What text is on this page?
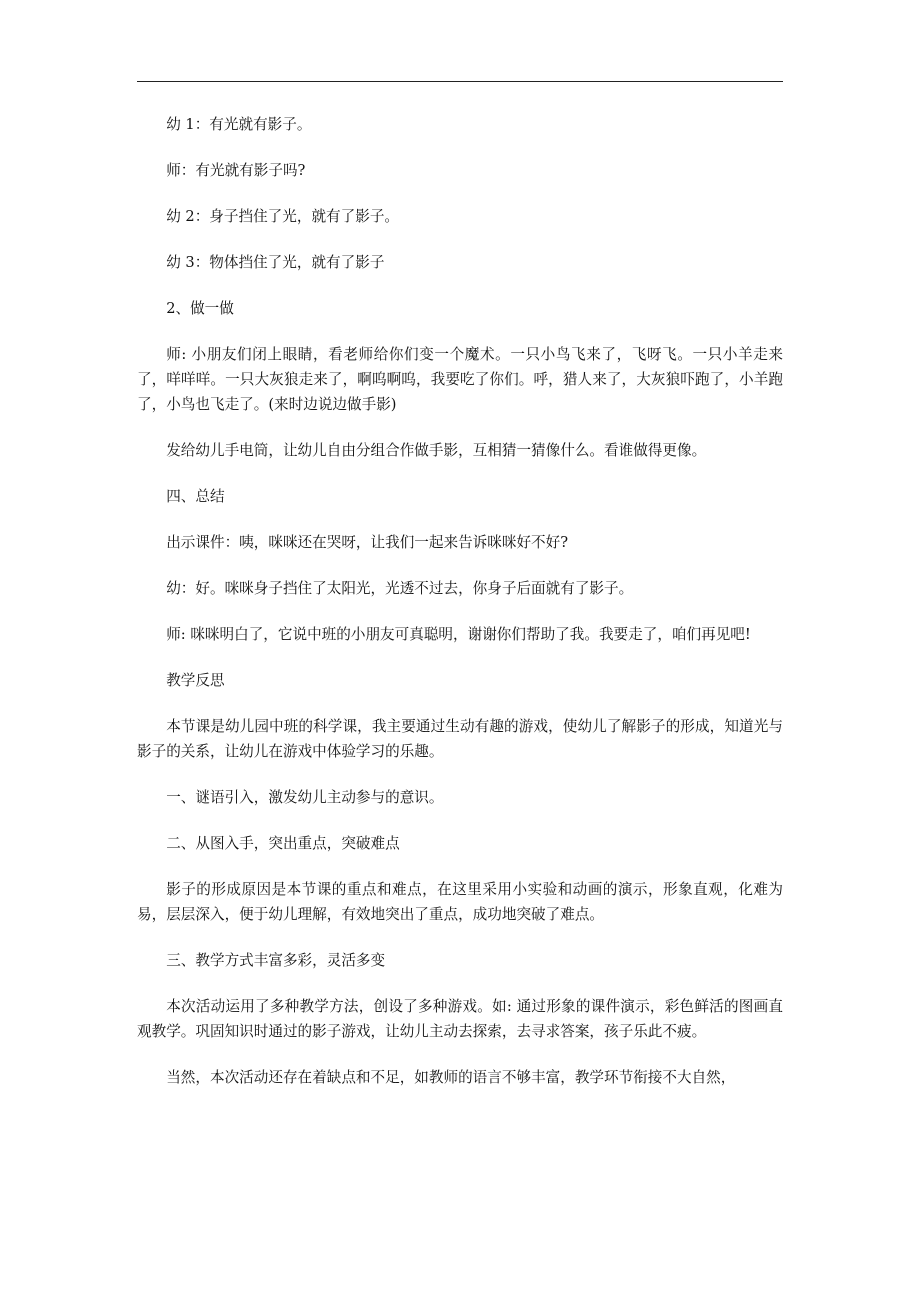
幼 1：有光就有影子。

师：有光就有影子吗?

幼 2：身子挡住了光，就有了影子。

幼 3：物体挡住了光，就有了影子

2、做一做

师: 小朋友们闭上眼睛，看老师给你们变一个魔术。一只小鸟飞来了，飞呀飞。一只小羊走来了，咩咩咩。一只大灰狼走来了，啊呜啊呜，我要吃了你们。呼，猎人来了，大灰狼吓跑了，小羊跑了，小鸟也飞走了。(来时边说边做手影)

发给幼儿手电筒，让幼儿自由分组合作做手影，互相猜一猜像什么。看谁做得更像。

四、总结

出示课件：咦，咪咪还在哭呀，让我们一起来告诉咪咪好不好?

幼：好。咪咪身子挡住了太阳光，光透不过去，你身子后面就有了影子。

师: 咪咪明白了，它说中班的小朋友可真聪明，谢谢你们帮助了我。我要走了，咱们再见吧!

教学反思

本节课是幼儿园中班的科学课，我主要通过生动有趣的游戏，使幼儿了解影子的形成，知道光与影子的关系，让幼儿在游戏中体验学习的乐趣。

一、谜语引入，激发幼儿主动参与的意识。

二、从图入手，突出重点，突破难点

影子的形成原因是本节课的重点和难点，在这里采用小实验和动画的演示，形象直观，化难为易，层层深入，便于幼儿理解，有效地突出了重点，成功地突破了难点。

三、教学方式丰富多彩，灵活多变

本次活动运用了多种教学方法，创设了多种游戏。如: 通过形象的课件演示，彩色鲜活的图画直观教学。巩固知识时通过的影子游戏，让幼儿主动去探索，去寻求答案，孩子乐此不疲。

当然，本次活动还存在着缺点和不足，如教师的语言不够丰富，教学环节衔接不大自然，
